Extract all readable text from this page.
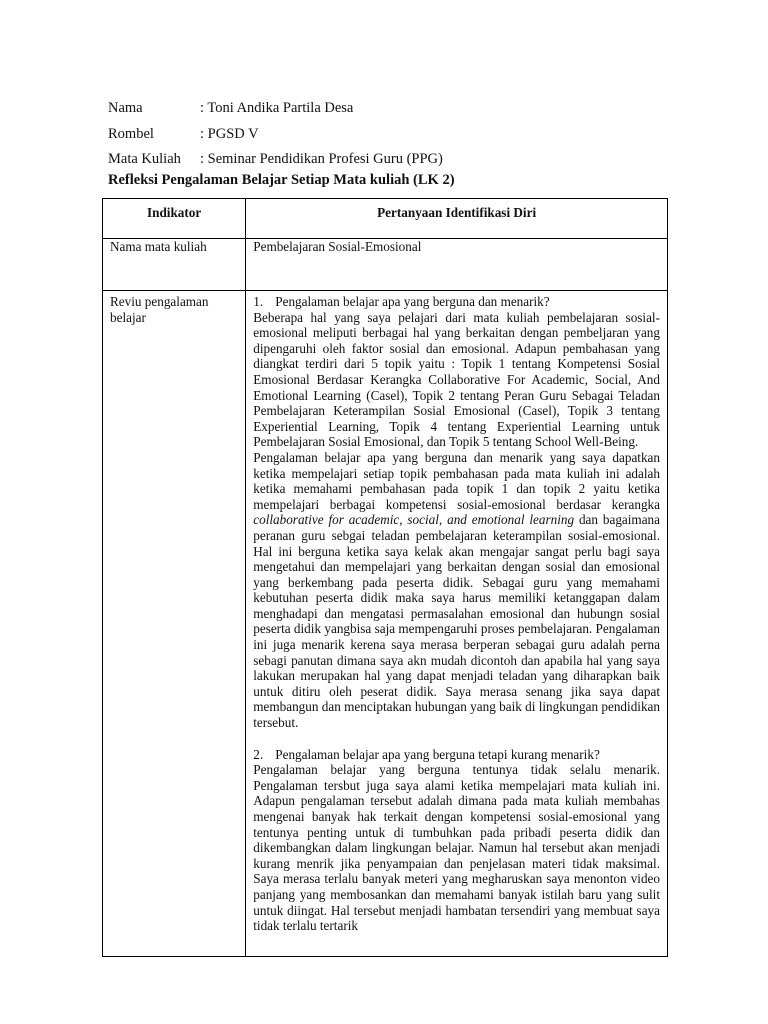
Nama	: Toni Andika Partila Desa
Rombel	: PGSD V
Mata Kuliah	: Seminar Pendidikan Profesi Guru (PPG)
Refleksi Pengalaman Belajar Setiap Mata kuliah (LK 2)
Indikator	Pertanyaan Identifikasi Diri

Nama mata kuliah	Pembelajaran Sosial-Emosional

Reviu pengalaman belajar	1. Pengalaman belajar apa yang berguna dan menarik?

Beberapa hal yang saya pelajari dari mata kuliah pembelajaran sosial-emosional meliputi berbagai hal yang berkaitan dengan pembeljaran yang dipengaruhi oleh faktor sosial dan emosional. Adapun pembahasan yang diangkat terdiri dari 5 topik yaitu : Topik 1 tentang Kompetensi Sosial Emosional Berdasar Kerangka Collaborative For Academic, Social, And Emotional Learning (Casel), Topik 2 tentang Peran Guru Sebagai Teladan Pembelajaran Keterampilan Sosial Emosional (Casel), Topik 3 tentang Experiential Learning, Topik 4 tentang Experiential Learning untuk Pembelajaran Sosial Emosional, dan Topik 5 tentang School Well-Being.

Pengalaman belajar apa yang berguna dan menarik yang saya dapatkan ketika mempelajari setiap topik pembahasan pada mata kuliah ini adalah ketika memahami pembahasan pada topik 1 dan topik 2 yaitu ketika mempelajari berbagai kompetensi sosial-emosional berdasar kerangka collaborative for academic, social, and emotional learning dan bagaimana peranan guru sebgai teladan pembelajaran keterampilan sosial-emosional. Hal ini berguna ketika saya kelak akan mengajar sangat perlu bagi saya mengetahui dan mempelajari yang berkaitan dengan sosial dan emosional yang berkembang pada peserta didik. Sebagai guru yang memahami kebutuhan peserta didik maka saya harus memiliki ketanggapan dalam menghadapi dan mengatasi permasalahan emosional dan hubungn sosial peserta didik yangbisa saja mempengaruhi proses pembelajaran. Pengalaman ini juga menarik kerena saya merasa berperan sebagai guru adalah perna sebagi panutan dimana saya akn mudah dicontoh dan apabila hal yang saya lakukan merupakan hal yang dapat menjadi teladan yang diharapkan baik untuk ditiru oleh peserat didik. Saya merasa senang jika saya dapat membangun dan menciptakan hubungan yang baik di lingkungan pendidikan tersebut.

2. Pengalaman belajar apa yang berguna tetapi kurang menarik?

Pengalaman belajar yang berguna tentunya tidak selalu menarik. Pengalaman tersbut juga saya alami ketika mempelajari mata kuliah ini. Adapun pengalaman tersebut adalah dimana pada mata kuliah membahas mengenai banyak hak terkait dengan kompetensi sosial-emosional yang tentunya penting untuk di tumbuhkan pada pribadi peserta didik dan dikembangkan dalam lingkungan belajar. Namun hal tersebut akan menjadi kurang menrik jika penyampaian dan penjelasan materi tidak maksimal. Saya merasa terlalu banyak meteri yang megharuskan saya menonton video panjang yang membosankan dan memahami banyak istilah baru yang sulit untuk diingat. Hal tersebut menjadi hambatan tersendiri yang membuat saya tidak terlalu tertarik
